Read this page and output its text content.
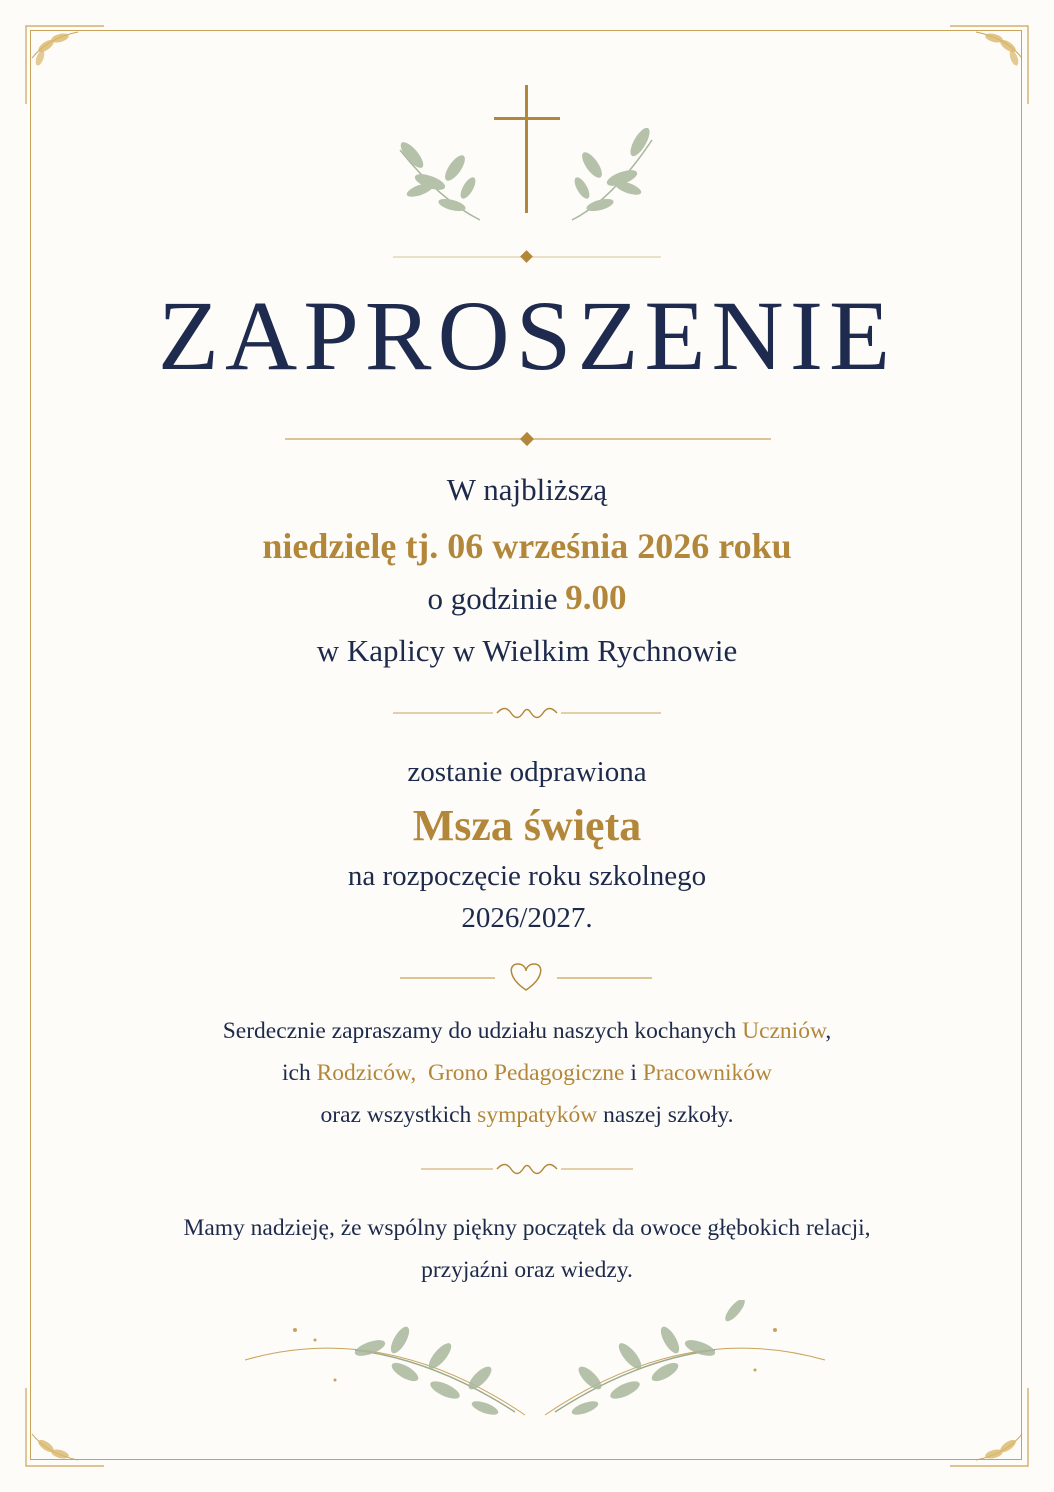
ZAPROSZENIE
W najbliższą
niedzielę tj. 06 września 2026 roku
o godzinie 9.00
w Kaplicy w Wielkim Rychnowie
zostanie odprawiona
Msza święta
na rozpoczęcie roku szkolnego
2026/2027.
Serdecznie zapraszamy do udziału naszych kochanych Uczniów,
ich Rodziców, Grono Pedagogiczne i Pracowników
oraz wszystkich sympatyków naszej szkoły.
Mamy nadzieję, że wspólny piękny początek da owoce głębokich relacji,
przyjaźni oraz wiedzy.
